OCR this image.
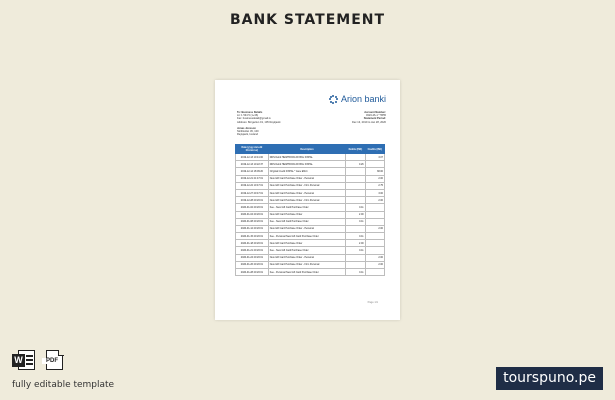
BANK STATEMENT
Arion banki
To: Business Details
Lit: 1 534 5 (1+36)
Fax: businessdetail@gmail.is
Address: Borgartun 19, 105 Reykjavik

Jonas Jonsson
Skrifstofan 45, 100
Reykjavik, Iceland
Account Number:
0323-26-1 * 5555
Statement Period:
Dec 13, 2019 to Jan 28, 2020
Date (yyyy-mm-dd hh:mm:ss)	Description	Debits (ISK)	Credits (ISK)
2019-12-13 10:41:00	DDS Debit HEIMTFKRA FIXPAL FIXPAL		3.07
2019-12-13 10:22:37	DDS Debit HEIMTFKRA FIXPAL FIXPAL	0.26	
2019-12-14 18:09:20	Original Credit FIXPAL * Jane Effort		38.00
2019-12-21 21:47:01	New Gift Card Purchase Order - Personal		2.00
2019-12-22 10:47:01	New Gift Card Purchase Order - Firm Personal		2.75
2019-12-27 20:47:01	New Gift Card Purchase Order - Personal		3.00
2019-12-28 20:20:01	New Gift Card Purchase Order - Firm Personal		2.00
2020-01-02 20:20:01	Fee - New Gift Card Purchase Order	0.11	
2020-01-04 20:20:01	New Gift Card Purchase Order	2.00	
2020-01-08 20:20:01	Fee - New Gift Card Purchase Order	0.11	
2020-01-12 20:20:01	New Gift Card Purchase Order - Personal		2.00
2020-01-15 20:20:01	Fee - Personal New Gift Card Purchase Order	0.11	
2020-01-18 20:20:01	New Gift Card Purchase Order	2.00	
2020-01-21 20:20:01	Fee - New Gift Card Purchase Order	0.11	
2020-01-24 20:20:01	New Gift Card Purchase Order - Personal		2.00
2020-01-26 20:20:01	New Gift Card Purchase Order - Firm Personal		2.00
2020-01-28 20:20:01	Fee - Personal New Gift Card Purchase Order	0.11	
Page 1/1
W	PDF
fully editable template	tourspuno.pe
